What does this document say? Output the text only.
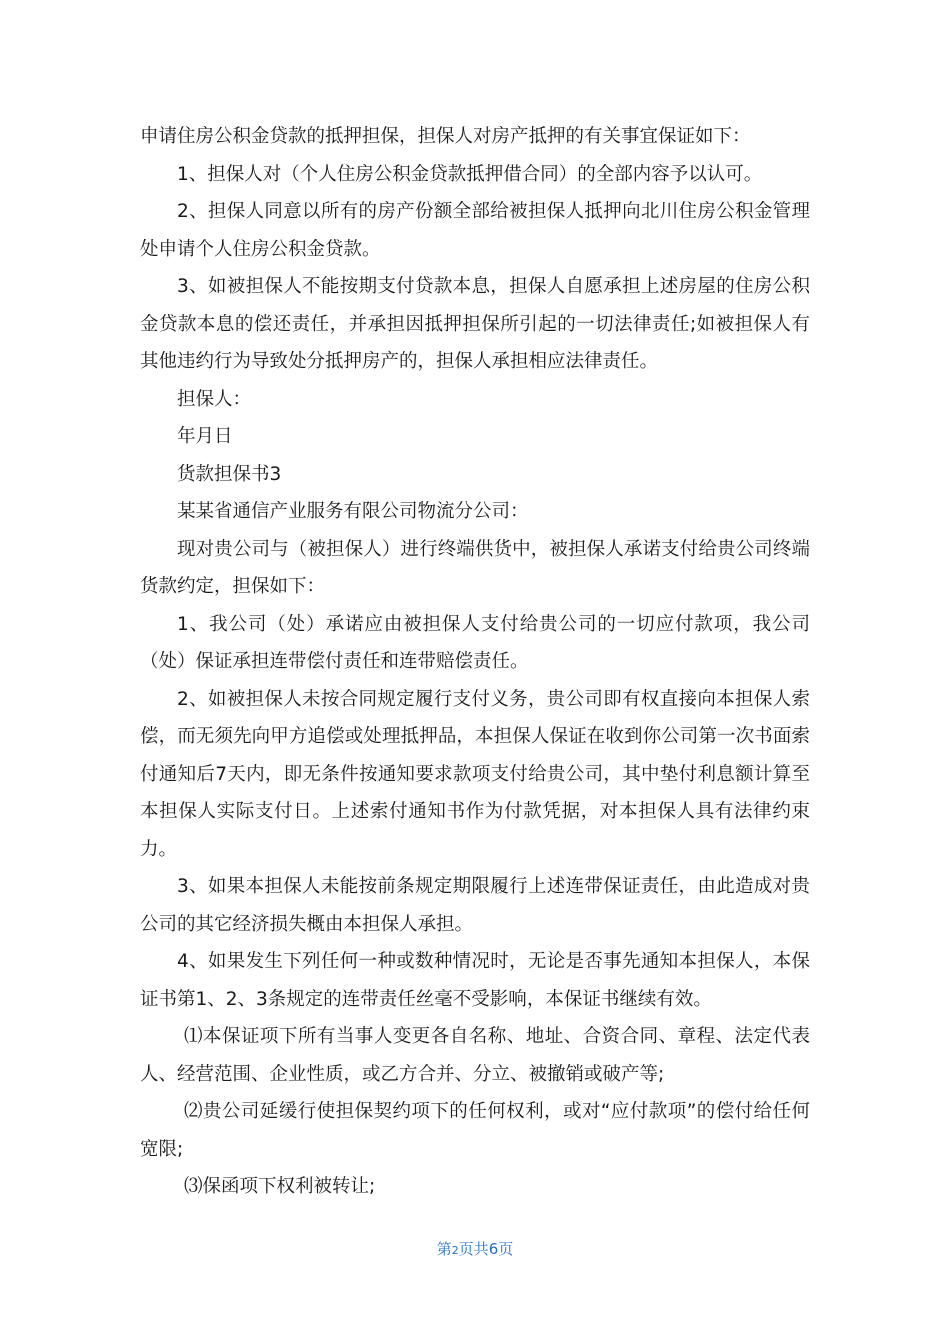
申请住房公积金贷款的抵押担保，担保人对房产抵押的有关事宜保证如下：

1、担保人对（个人住房公积金贷款抵押借合同）的全部内容予以认可。

2、担保人同意以所有的房产份额全部给被担保人抵押向北川住房公积金管理处申请个人住房公积金贷款。

3、如被担保人不能按期支付贷款本息，担保人自愿承担上述房屋的住房公积金贷款本息的偿还责任，并承担因抵押担保所引起的一切法律责任;如被担保人有其他违约行为导致处分抵押房产的，担保人承担相应法律责任。

担保人：

年月日

货款担保书3

某某省通信产业服务有限公司物流分公司：

现对贵公司与（被担保人）进行终端供货中，被担保人承诺支付给贵公司终端货款约定，担保如下：

1、我公司（处）承诺应由被担保人支付给贵公司的一切应付款项，我公司（处）保证承担连带偿付责任和连带赔偿责任。

2、如被担保人未按合同规定履行支付义务，贵公司即有权直接向本担保人索偿，而无须先向甲方追偿或处理抵押品，本担保人保证在收到你公司第一次书面索付通知后7天内，即无条件按通知要求款项支付给贵公司，其中垫付利息额计算至本担保人实际支付日。上述索付通知书作为付款凭据，对本担保人具有法律约束力。

3、如果本担保人未能按前条规定期限履行上述连带保证责任，由此造成对贵公司的其它经济损失概由本担保人承担。

4、如果发生下列任何一种或数种情况时，无论是否事先通知本担保人，本保证书第1、2、3条规定的连带责任丝毫不受影响，本保证书继续有效。

⑴本保证项下所有当事人变更各自名称、地址、合资合同、章程、法定代表人、经营范围、企业性质，或乙方合并、分立、被撤销或破产等;

⑵贵公司延缓行使担保契约项下的任何权利，或对“应付款项”的偿付给任何宽限;

⑶保函项下权利被转让;

第2页共6页
